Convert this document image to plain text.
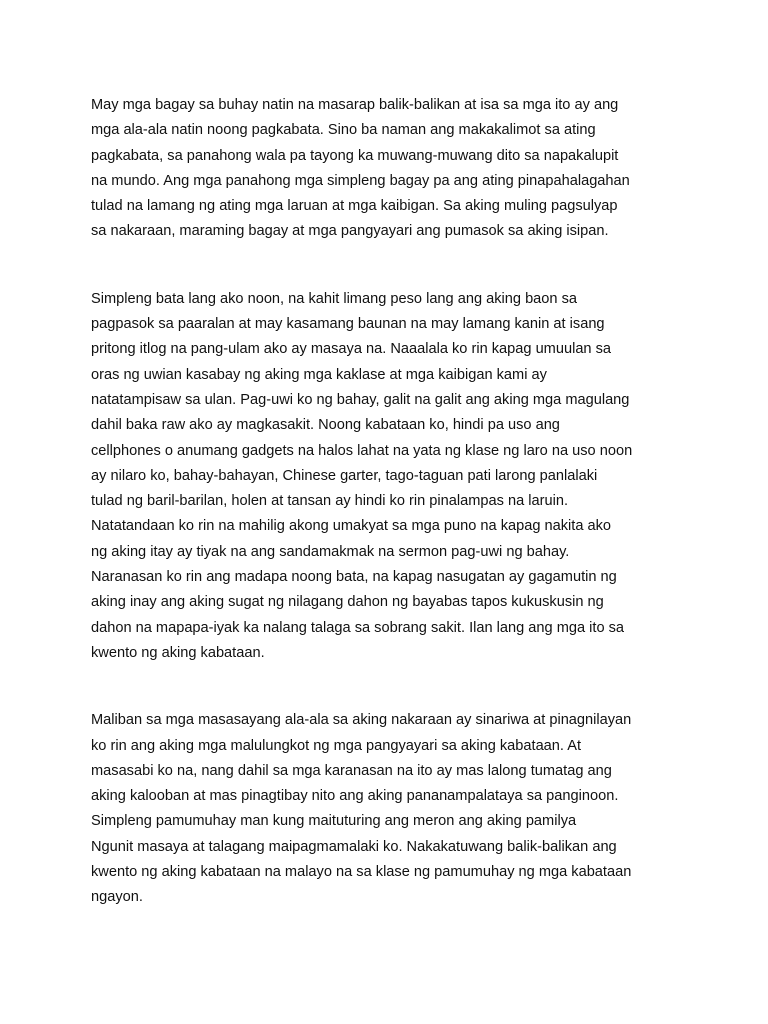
May mga bagay sa buhay natin na masarap balik-balikan at isa sa mga ito ay ang
mga ala-ala natin noong pagkabata. Sino ba naman ang makakalimot sa ating
pagkabata, sa panahong wala pa tayong ka muwang-muwang dito sa napakalupit
na mundo. Ang mga panahong mga simpleng bagay pa ang ating pinapahalagahan
tulad na lamang ng ating mga laruan at mga kaibigan. Sa aking muling pagsulyap
sa nakaraan, maraming bagay at mga pangyayari ang pumasok sa aking isipan.

Simpleng bata lang ako noon, na kahit limang peso lang ang aking baon sa
pagpasok sa paaralan at may kasamang baunan na may lamang kanin at isang
pritong itlog na pang-ulam ako ay masaya na. Naaalala ko rin kapag umuulan sa
oras ng uwian kasabay ng aking mga kaklase at mga kaibigan kami ay
natatampisaw sa ulan. Pag-uwi ko ng bahay, galit na galit ang aking mga magulang
dahil baka raw ako ay magkasakit. Noong kabataan ko, hindi pa uso ang
cellphones o anumang gadgets na halos lahat na yata ng klase ng laro na uso noon
ay nilaro ko, bahay-bahayan, Chinese garter, tago-taguan pati larong panlalaki
tulad ng baril-barilan, holen at tansan ay hindi ko rin pinalampas na laruin.
Natatandaan ko rin na mahilig akong umakyat sa mga puno na kapag nakita ako
ng aking itay ay tiyak na ang sandamakmak na sermon pag-uwi ng bahay.
Naranasan ko rin ang madapa noong bata, na kapag nasugatan ay gagamutin ng
aking inay ang aking sugat ng nilagang dahon ng bayabas tapos kukuskusin ng
dahon na mapapa-iyak ka nalang talaga sa sobrang sakit. Ilan lang ang mga ito sa
kwento ng aking kabataan.

Maliban sa mga masasayang ala-ala sa aking nakaraan ay sinariwa at pinagnilayan
ko rin ang aking mga malulungkot ng mga pangyayari sa aking kabataan. At
masasabi ko na, nang dahil sa mga karanasan na ito ay mas lalong tumatag ang
aking kalooban at mas pinagtibay nito ang aking pananampalataya sa panginoon.
Simpleng pamumuhay man kung maituturing ang meron ang aking pamilya
Ngunit masaya at talagang maipagmamalaki ko. Nakakatuwang balik-balikan ang
kwento ng aking kabataan na malayo na sa klase ng pamumuhay ng mga kabataan
ngayon.
